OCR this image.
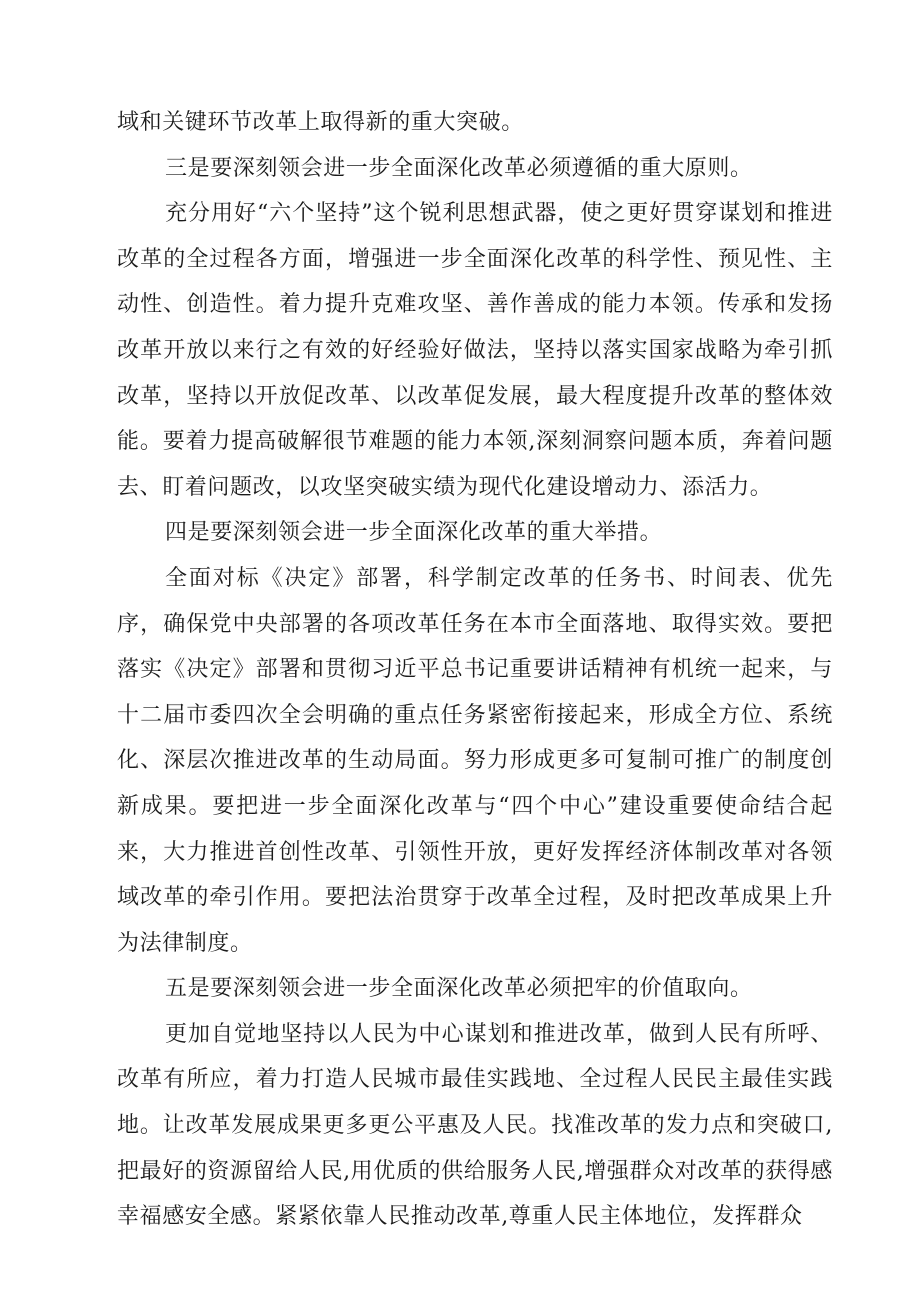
域和关键环节改革上取得新的重大突破。

三是要深刻领会进一步全面深化改革必须遵循的重大原则。

充分用好“六个坚持”这个锐利思想武器，使之更好贯穿谋划和推进改革的全过程各方面，增强进一步全面深化改革的科学性、预见性、主动性、创造性。着力提升克难攻坚、善作善成的能力本领。传承和发扬改革开放以来行之有效的好经验好做法，坚持以落实国家战略为牵引抓改革，坚持以开放促改革、以改革促发展，最大程度提升改革的整体效能。要着力提高破解很节难题的能力本领,深刻洞察问题本质，奔着问题去、盯着问题改，以攻坚突破实绩为现代化建设增动力、添活力。

四是要深刻领会进一步全面深化改革的重大举措。

全面对标《决定》部署，科学制定改革的任务书、时间表、优先序，确保党中央部署的各项改革任务在本市全面落地、取得实效。要把落实《决定》部署和贯彻习近平总书记重要讲话精神有机统一起来，与十二届市委四次全会明确的重点任务紧密衔接起来，形成全方位、系统化、深层次推进改革的生动局面。努力形成更多可复制可推广的制度创新成果。要把进一步全面深化改革与“四个中心”建设重要使命结合起来，大力推进首创性改革、引领性开放，更好发挥经济体制改革对各领域改革的牵引作用。要把法治贯穿于改革全过程，及时把改革成果上升为法律制度。

五是要深刻领会进一步全面深化改革必须把牢的价值取向。

更加自觉地坚持以人民为中心谋划和推进改革，做到人民有所呼、改革有所应，着力打造人民城市最佳实践地、全过程人民民主最佳实践地。让改革发展成果更多更公平惠及人民。找准改革的发力点和突破口,把最好的资源留给人民,用优质的供给服务人民,增强群众对改革的获得感幸福感安全感。紧紧依靠人民推动改革,尊重人民主体地位，发挥群众
